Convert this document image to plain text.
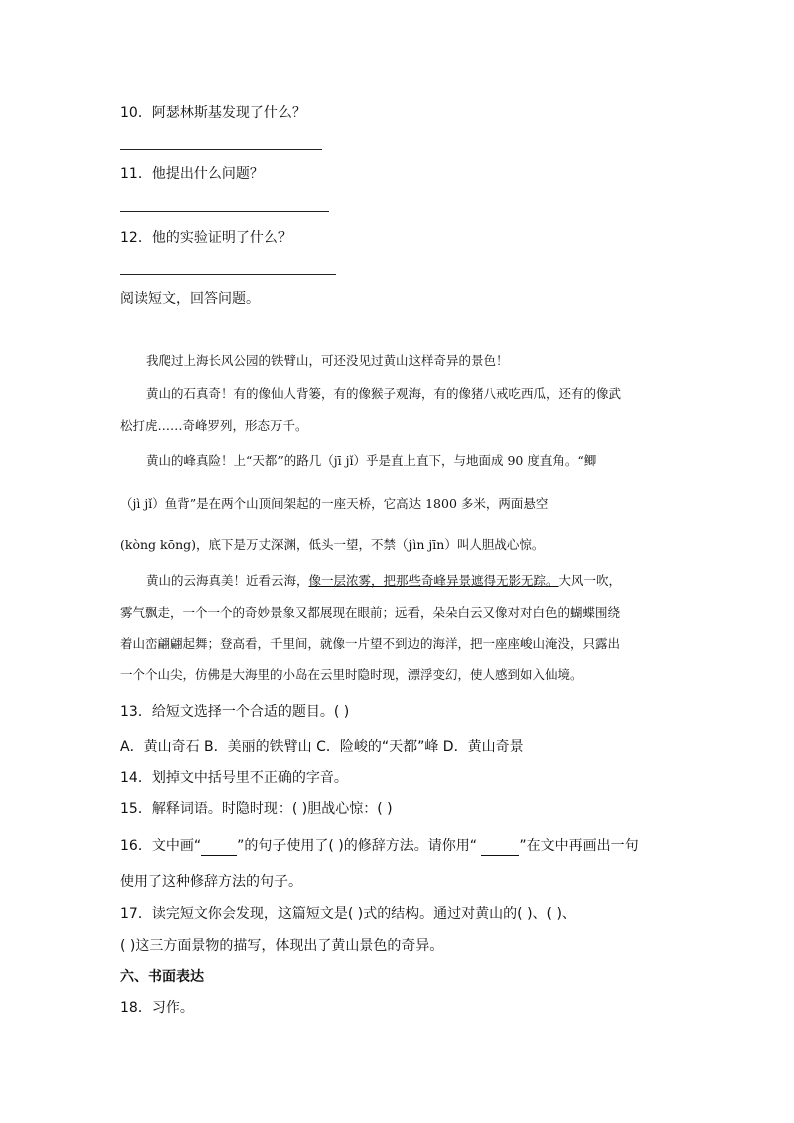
10．阿瑟林斯基发现了什么？
11．他提出什么问题？
12．他的实验证明了什么？
阅读短文，回答问题。
我爬过上海长风公园的铁臂山，可还没见过黄山这样奇异的景色！
黄山的石真奇！有的像仙人背篓，有的像猴子观海，有的像猪八戒吃西瓜，还有的像武
松打虎……奇峰罗列，形态万千。
黄山的峰真险！上“天都”的路几（jī jǐ）乎是直上直下，与地面成 90 度直角。“鲫
（jì jǐ）鱼背”是在两个山顶间架起的一座天桥，它高达 1800 多米，两面悬空
(kòng kōng)，底下是万丈深渊，低头一望，不禁（jìn jīn）叫人胆战心惊。
黄山的云海真美！近看云海，像一层浓雾，把那些奇峰异景遮得无影无踪。大风一吹，
雾气飘走，一个一个的奇妙景象又都展现在眼前；远看，朵朵白云又像对对白色的蝴蝶围绕
着山峦翩翩起舞；登高看，千里间，就像一片望不到边的海洋，把一座座峻山淹没，只露出
一个个山尖，仿佛是大海里的小岛在云里时隐时现，漂浮变幻，使人感到如入仙境。
13．给短文选择一个合适的题目。( )
A．黄山奇石 B．美丽的铁臂山 C．险峻的“天都”峰 D．黄山奇景
14．划掉文中括号里不正确的字音。
15．解释词语。时隐时现：( )胆战心惊：( )
16．文中画“	”的句子使用了( )的修辞方法。请你用“	”在文中再画出一句
使用了这种修辞方法的句子。
17．读完短文你会发现，这篇短文是( )式的结构。通过对黄山的( )、( )、
( )这三方面景物的描写，体现出了黄山景色的奇异。
六、书面表达
18．习作。
